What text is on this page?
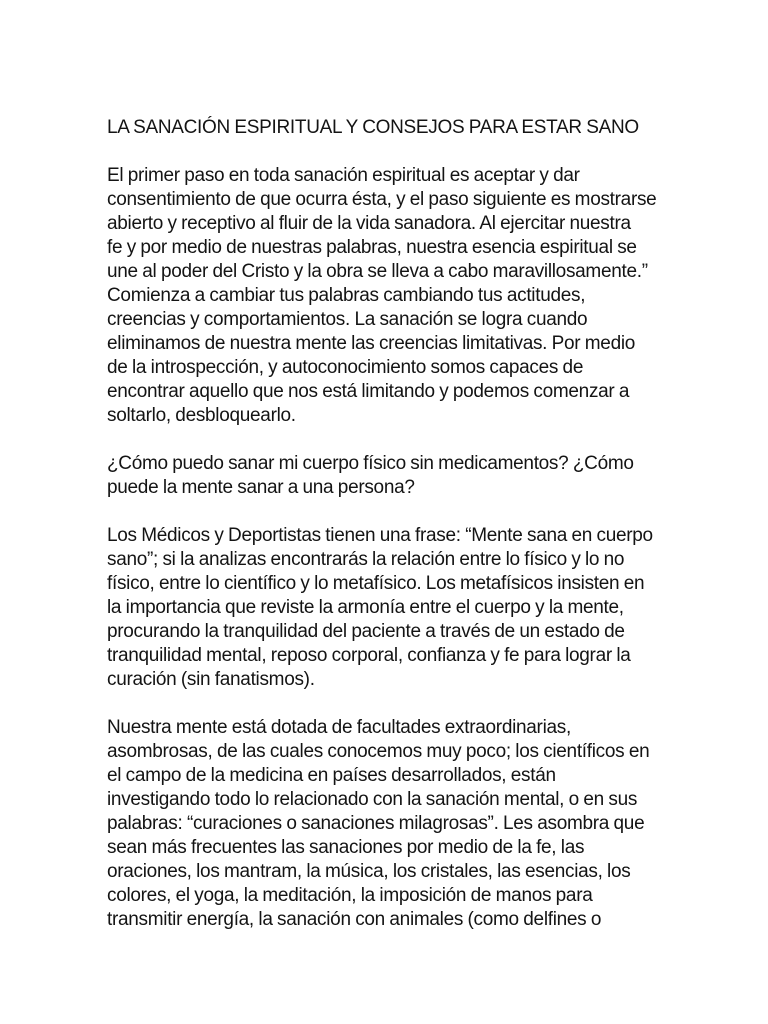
LA SANACIÓN ESPIRITUAL Y CONSEJOS PARA ESTAR SANO
El primer paso en toda sanación espiritual es aceptar y dar
consentimiento de que ocurra ésta, y el paso siguiente es mostrarse
abierto y receptivo al fluir de la vida sanadora. Al ejercitar nuestra
fe y por medio de nuestras palabras, nuestra esencia espiritual se
une al poder del Cristo y la obra se lleva a cabo maravillosamente.”
Comienza a cambiar tus palabras cambiando tus actitudes,
creencias y comportamientos. La sanación se logra cuando
eliminamos de nuestra mente las creencias limitativas. Por medio
de la introspección, y autoconocimiento somos capaces de
encontrar aquello que nos está limitando y podemos comenzar a
soltarlo, desbloquearlo.
¿Cómo puedo sanar mi cuerpo físico sin medicamentos? ¿Cómo
puede la mente sanar a una persona?
Los Médicos y Deportistas tienen una frase: “Mente sana en cuerpo
sano”; si la analizas encontrarás la relación entre lo físico y lo no
físico, entre lo científico y lo metafísico. Los metafísicos insisten en
la importancia que reviste la armonía entre el cuerpo y la mente,
procurando la tranquilidad del paciente a través de un estado de
tranquilidad mental, reposo corporal, confianza y fe para lograr la
curación (sin fanatismos).
Nuestra mente está dotada de facultades extraordinarias,
asombrosas, de las cuales conocemos muy poco; los científicos en
el campo de la medicina en países desarrollados, están
investigando todo lo relacionado con la sanación mental, o en sus
palabras: “curaciones o sanaciones milagrosas”. Les asombra que
sean más frecuentes las sanaciones por medio de la fe, las
oraciones, los mantram, la música, los cristales, las esencias, los
colores, el yoga, la meditación, la imposición de manos para
transmitir energía, la sanación con animales (como delfines o
